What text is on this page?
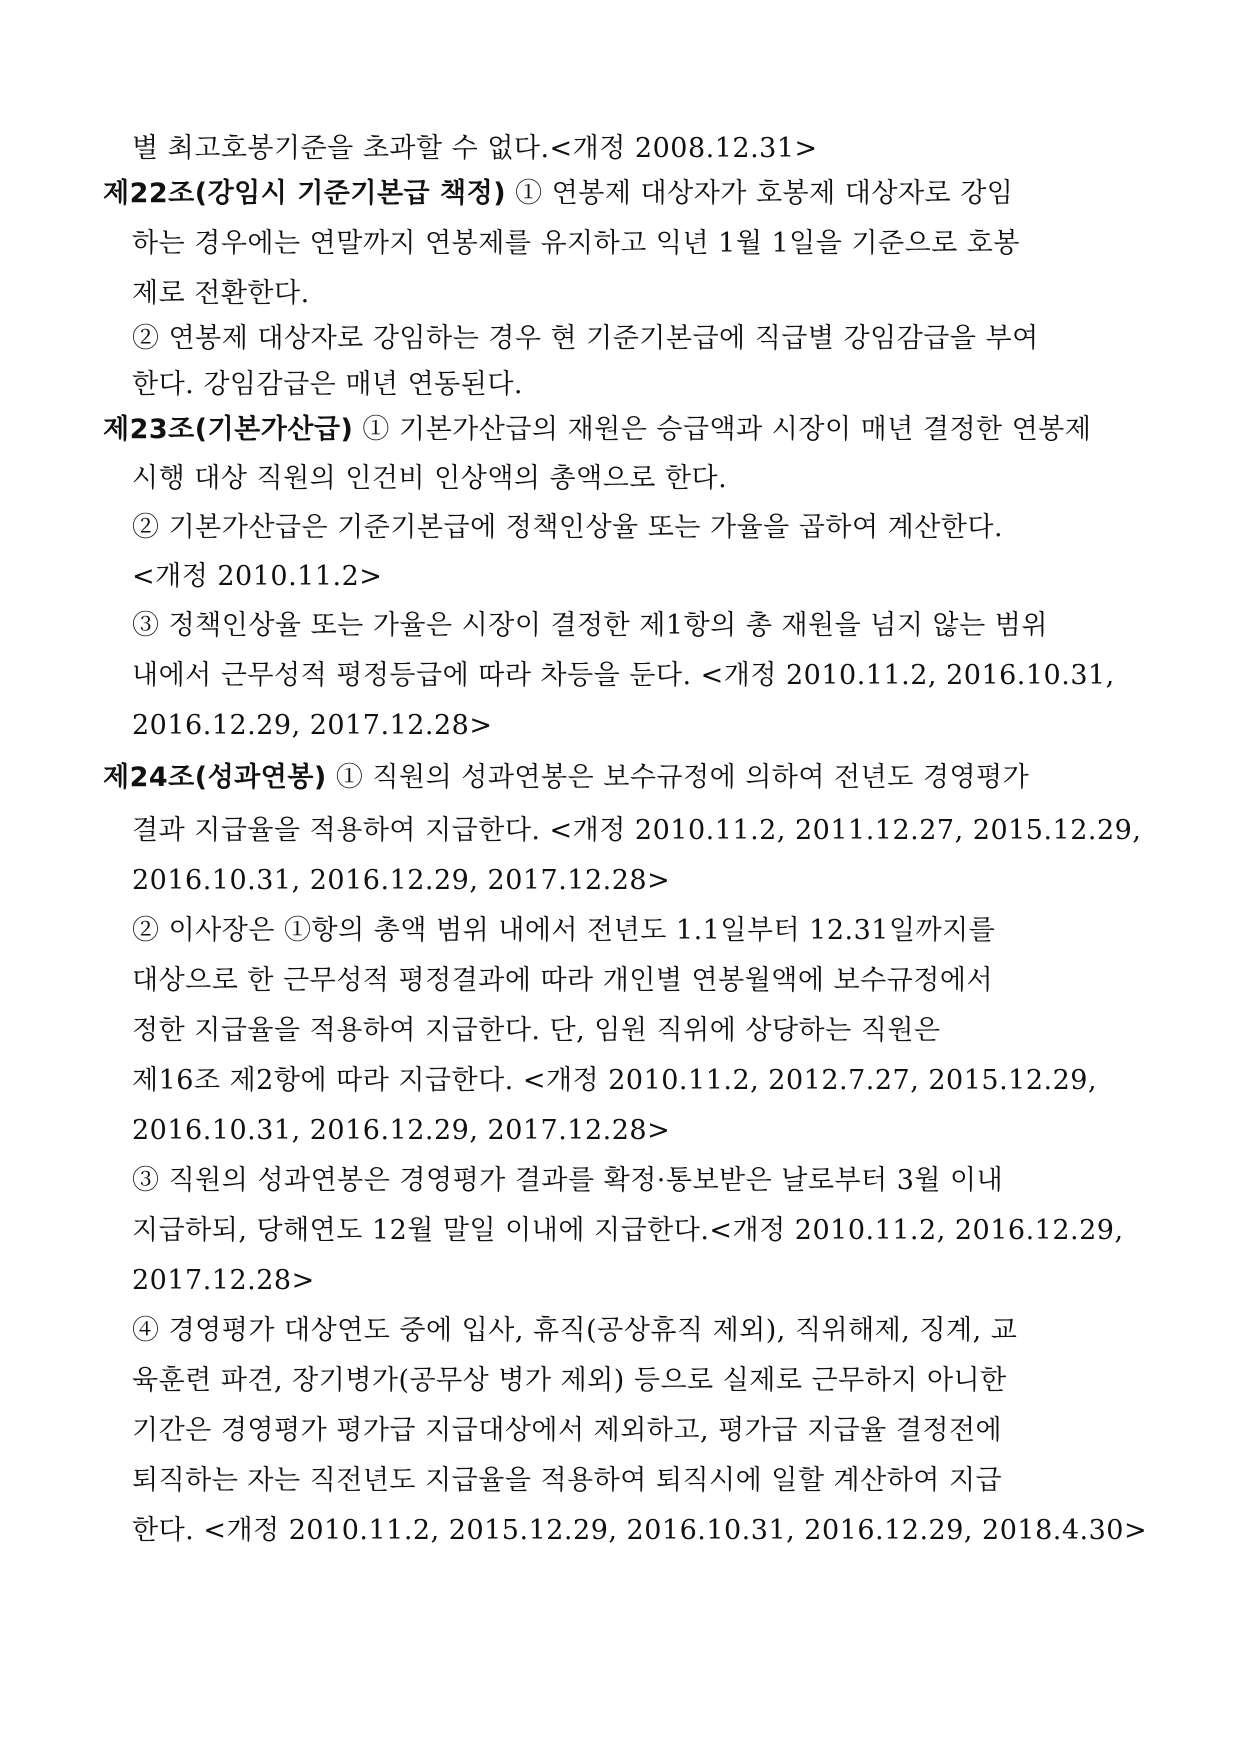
별 최고호봉기준을 초과할 수 없다.<개정 2008.12.31>
제22조(강임시 기준기본급 책정) ① 연봉제 대상자가 호봉제 대상자로 강임
하는 경우에는 연말까지 연봉제를 유지하고 익년 1월 1일을 기준으로 호봉
제로 전환한다.
② 연봉제 대상자로 강임하는 경우 현 기준기본급에 직급별 강임감급을 부여
한다. 강임감급은 매년 연동된다.
제23조(기본가산급) ① 기본가산급의 재원은 승급액과 시장이 매년 결정한 연봉제
시행 대상 직원의 인건비 인상액의 총액으로 한다.
② 기본가산급은 기준기본급에 정책인상율 또는 가율을 곱하여 계산한다.
<개정 2010.11.2>
③ 정책인상율 또는 가율은 시장이 결정한 제1항의 총 재원을 넘지 않는 범위
내에서 근무성적 평정등급에 따라 차등을 둔다. <개정 2010.11.2, 2016.10.31,
2016.12.29, 2017.12.28>
제24조(성과연봉) ① 직원의 성과연봉은 보수규정에 의하여 전년도 경영평가
결과 지급율을 적용하여 지급한다. <개정 2010.11.2, 2011.12.27, 2015.12.29,
2016.10.31, 2016.12.29, 2017.12.28>
② 이사장은 ①항의 총액 범위 내에서 전년도 1.1일부터 12.31일까지를
대상으로 한 근무성적 평정결과에 따라 개인별 연봉월액에 보수규정에서
정한 지급율을 적용하여 지급한다. 단, 임원 직위에 상당하는 직원은
제16조 제2항에 따라 지급한다. <개정 2010.11.2, 2012.7.27, 2015.12.29,
2016.10.31, 2016.12.29, 2017.12.28>
③ 직원의 성과연봉은 경영평가 결과를 확정·통보받은 날로부터 3월 이내
지급하되, 당해연도 12월 말일 이내에 지급한다.<개정 2010.11.2, 2016.12.29,
2017.12.28>
④ 경영평가 대상연도 중에 입사, 휴직(공상휴직 제외), 직위해제, 징계, 교
육훈련 파견, 장기병가(공무상 병가 제외) 등으로 실제로 근무하지 아니한
기간은 경영평가 평가급 지급대상에서 제외하고, 평가급 지급율 결정전에
퇴직하는 자는 직전년도 지급율을 적용하여 퇴직시에 일할 계산하여 지급
한다. <개정 2010.11.2, 2015.12.29, 2016.10.31, 2016.12.29, 2018.4.30>
